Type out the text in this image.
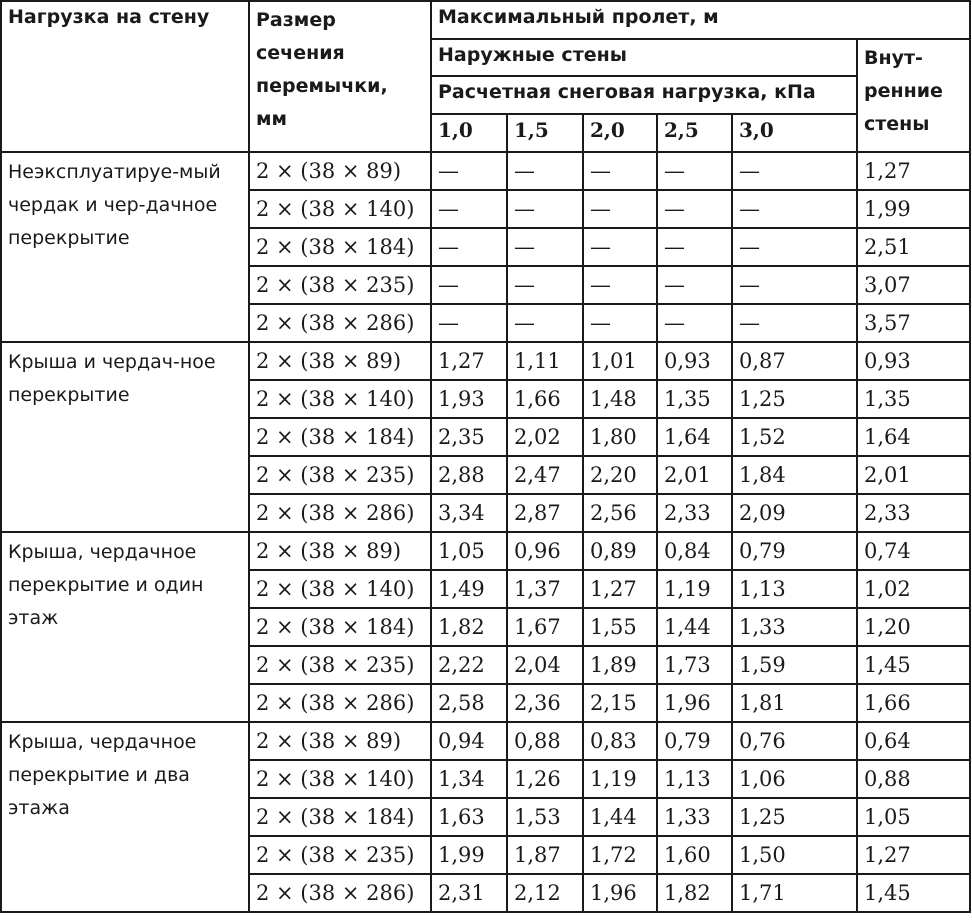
Нагрузка на стену	Размер сечения перемычки, мм	Максимальный пролет, м					
		Наружные стены					Внут-ренние стены
		Расчетная снеговая нагрузка, кПа					
		1,0	1,5	2,0	2,5	3,0	
Неэксплуатируе-мый чердак и чер-дачное перекрытие	2 × (38 × 89)	—	—	—	—	—	1,27
	2 × (38 × 140)	—	—	—	—	—	1,99
	2 × (38 × 184)	—	—	—	—	—	2,51
	2 × (38 × 235)	—	—	—	—	—	3,07
	2 × (38 × 286)	—	—	—	—	—	3,57
Крыша и чердач-ное перекрытие	2 × (38 × 89)	1,27	1,11	1,01	0,93	0,87	0,93
	2 × (38 × 140)	1,93	1,66	1,48	1,35	1,25	1,35
	2 × (38 × 184)	2,35	2,02	1,80	1,64	1,52	1,64
	2 × (38 × 235)	2,88	2,47	2,20	2,01	1,84	2,01
	2 × (38 × 286)	3,34	2,87	2,56	2,33	2,09	2,33
Крыша, чердачное перекрытие и один этаж	2 × (38 × 89)	1,05	0,96	0,89	0,84	0,79	0,74
	2 × (38 × 140)	1,49	1,37	1,27	1,19	1,13	1,02
	2 × (38 × 184)	1,82	1,67	1,55	1,44	1,33	1,20
	2 × (38 × 235)	2,22	2,04	1,89	1,73	1,59	1,45
	2 × (38 × 286)	2,58	2,36	2,15	1,96	1,81	1,66
Крыша, чердачное перекрытие и два этажа	2 × (38 × 89)	0,94	0,88	0,83	0,79	0,76	0,64
	2 × (38 × 140)	1,34	1,26	1,19	1,13	1,06	0,88
	2 × (38 × 184)	1,63	1,53	1,44	1,33	1,25	1,05
	2 × (38 × 235)	1,99	1,87	1,72	1,60	1,50	1,27
	2 × (38 × 286)	2,31	2,12	1,96	1,82	1,71	1,45
